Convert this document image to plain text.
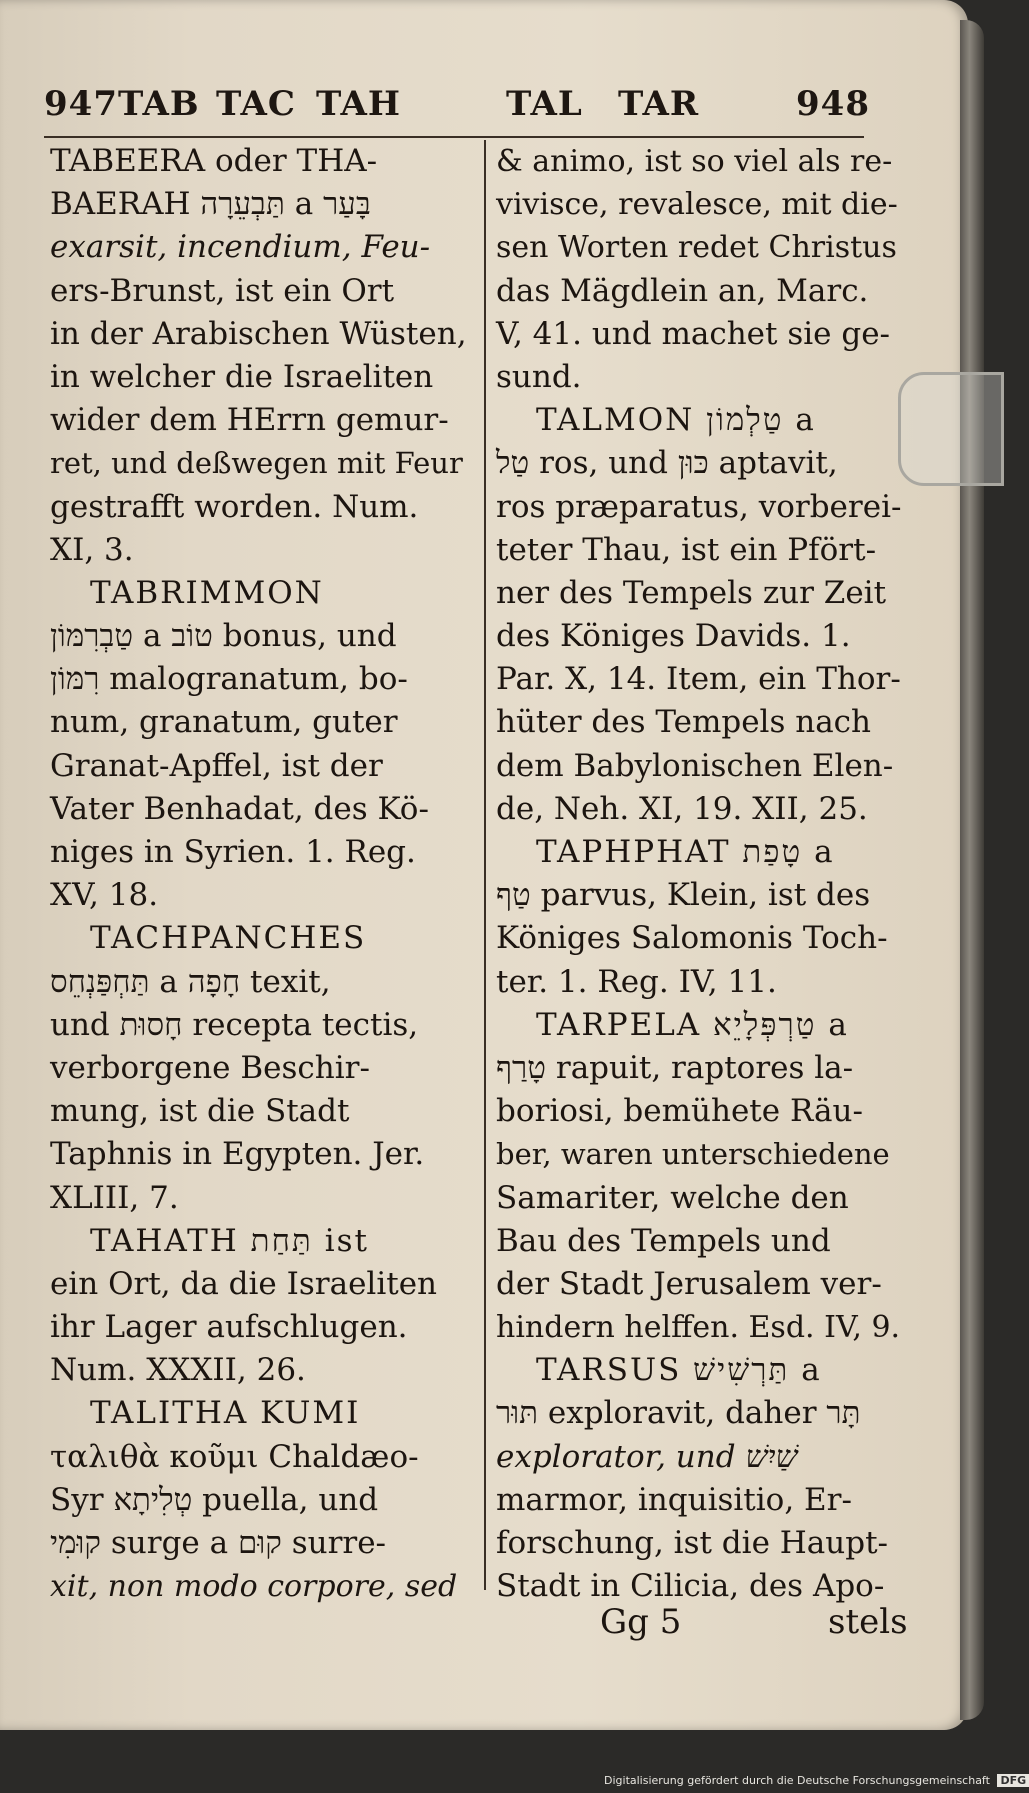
947 TAB TAC TAH	TAL TAR	948
TABEERA oder THA-
BAERAH תַּבְעֵרָה a בָּעַר
exarsit, incendium, Feu-
ers-Brunst, ist ein Ort
in der Arabischen Wüsten,
in welcher die Israeliten
wider dem HErrn gemur-
ret, und deßwegen mit Feur
gestrafft worden. Num.
XI, 3.
TABRIMMON
טַבְרִמּוֹן a טוֹב bonus, und
רִמּוֹן malogranatum, bo-
num, granatum, guter
Granat-Apffel, ist der
Vater Benhadat, des Kö-
niges in Syrien. 1. Reg.
XV, 18.
TACHPANCHES
תַּחְפַּנְחֵס a חָפָה texit,
und חָסוּת recepta tectis,
verborgene Beschir-
mung, ist die Stadt
Taphnis in Egypten. Jer.
XLIII, 7.
TAHATH תַּחַת ist
ein Ort, da die Israeliten
ihr Lager aufschlugen.
Num. XXXII, 26.
TALITHA KUMI
ταλιθὰ κοῦμι Chaldæo-
Syr טְלִיתָא puella, und
קוּמִי surge a קוּם surre-
xit, non modo corpore, sed
& animo, ist so viel als re-
vivisce, revalesce, mit die-
sen Worten redet Christus
das Mägdlein an, Marc.
V, 41. und machet sie ge-
sund.
TALMON טַלְמוֹן a
טַל ros, und כּוּן aptavit,
ros præparatus, vorberei-
teter Thau, ist ein Pfört-
ner des Tempels zur Zeit
des Königes Davids. 1.
Par. X, 14. Item, ein Thor-
hüter des Tempels nach
dem Babylonischen Elen-
de, Neh. XI, 19. XII, 25.
TAPHPHAT טָפַת a
טַף parvus, Klein, ist des
Königes Salomonis Toch-
ter. 1. Reg. IV, 11.
TARPELA טַרְפְּלָיֵא a
טָרַף rapuit, raptores la-
boriosi, bemühete Räu-
ber, waren unterschiedene
Samariter, welche den
Bau des Tempels und
der Stadt Jerusalem ver-
hindern helffen. Esd. IV, 9.
TARSUS תַּרְשִׁישׁ a
תּוּר exploravit, daher תָּר
explorator, und שַׁיִשׁ
marmor, inquisitio, Er-
forschung, ist die Haupt-
Stadt in Cilicia, des Apo-
Gg 5	stels
Digitalisierung gefördert durch die Deutsche Forschungsgemeinschaft DFG
